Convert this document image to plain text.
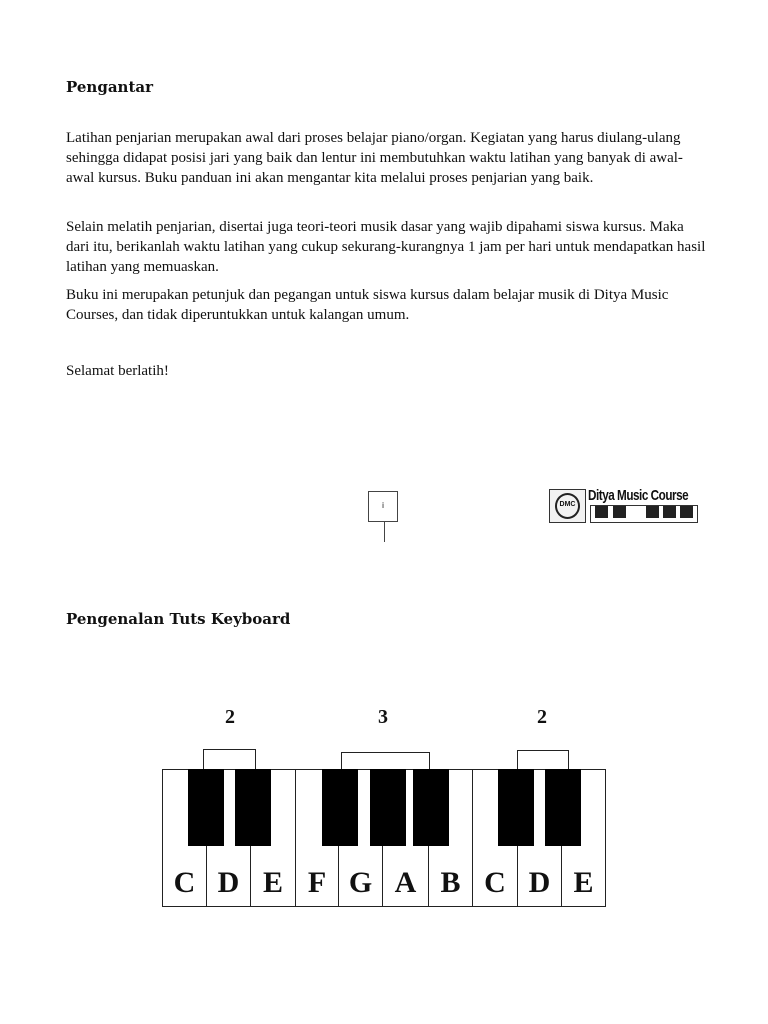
Pengantar

Latihan penjarian merupakan awal dari proses belajar piano/organ. Kegiatan yang harus diulang-ulang sehingga didapat posisi jari yang baik dan lentur ini membutuhkan waktu latihan yang banyak di awal-awal kursus. Buku panduan ini akan mengantar kita melalui proses penjarian yang baik.

Selain melatih penjarian, disertai juga teori-teori musik dasar yang wajib dipahami siswa kursus. Maka dari itu, berikanlah waktu latihan yang cukup sekurang-kurangnya 1 jam per hari untuk mendapatkan hasil latihan yang memuaskan.

Buku ini merupakan petunjuk dan pegangan untuk siswa kursus dalam belajar musik di Ditya Music Courses, dan tidak diperuntukkan untuk kalangan umum.

Selamat berlatih!

i	DMC
Ditya Music Course
Pengenalan Tuts Keyboard
2	3	2
C D E F G A B C D E
